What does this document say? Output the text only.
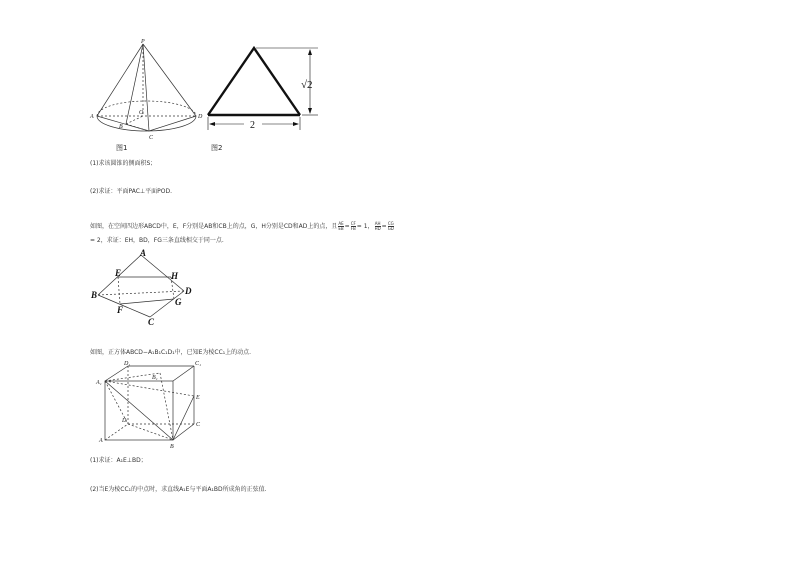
P
A
O
B
C
D
图1
√2
2
图2
(1)求该圆锥的侧面积S；
(2)求证：平面PAC⊥平面POD.
如图，在空间四边形ABCD中，E，F分别是AB和CB上的点，G，H分别是CD和AD上的点，且 $\frac{AE}{EB} = \frac{CF}{FB} = 1$， $\frac{AH}{HD} = \frac{CG}{GD}$
= 2，求证：EH，BD，FG三条直线相交于同一点.
A
E	H
B	D
G
F
C
如图，正方体ABCD−A₁B₁C₁D₁中，已知E为棱CC₁上的动点.
D₁	C₁
B₁
A₁
E
D
C
A
B
(1)求证：A₁E⊥BD；
(2)当E为棱CC₁的中点时，求直线A₁E与平面A₁BD所成角的正弦值.
